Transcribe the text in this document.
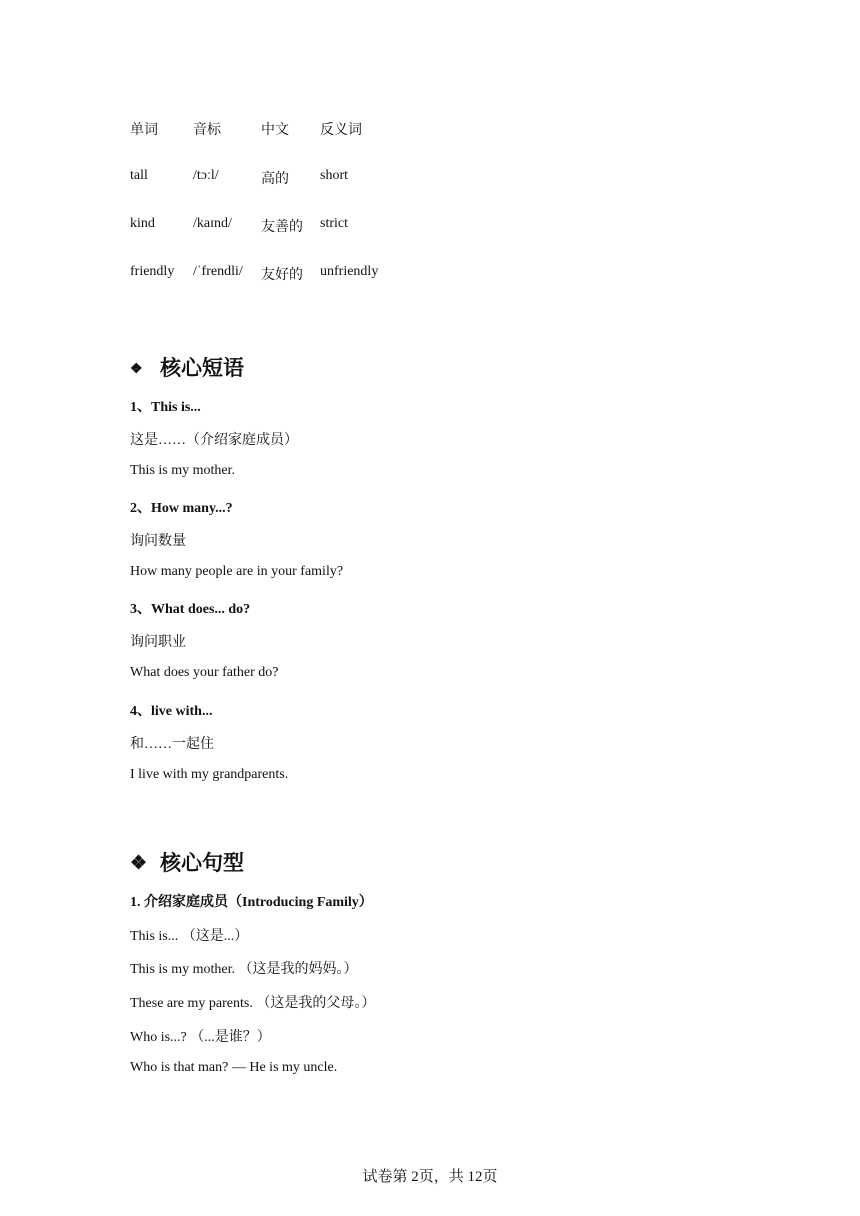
单词	音标	中文 反义词
tall	/tɔːl/	高的 short
kind	/kaɪnd/ 友善的 strict
friendly /ˈfrendli/ 友好的 unfriendly
❖ 核心短语
1、This is...
这是……（介绍家庭成员）
This is my mother.
2、How many...?
询问数量
How many people are in your family?
3、What does... do?
询问职业
What does your father do?
4、live with...
和……一起住
I live with my grandparents.
❖ 核心句型
1. 介绍家庭成员（Introducing Family）
This is... （这是...）
This is my mother. （这是我的妈妈。）
These are my parents. （这是我的父母。）
Who is...? （...是谁？）
Who is that man? — He is my uncle.
试卷第 2页，共 12页
